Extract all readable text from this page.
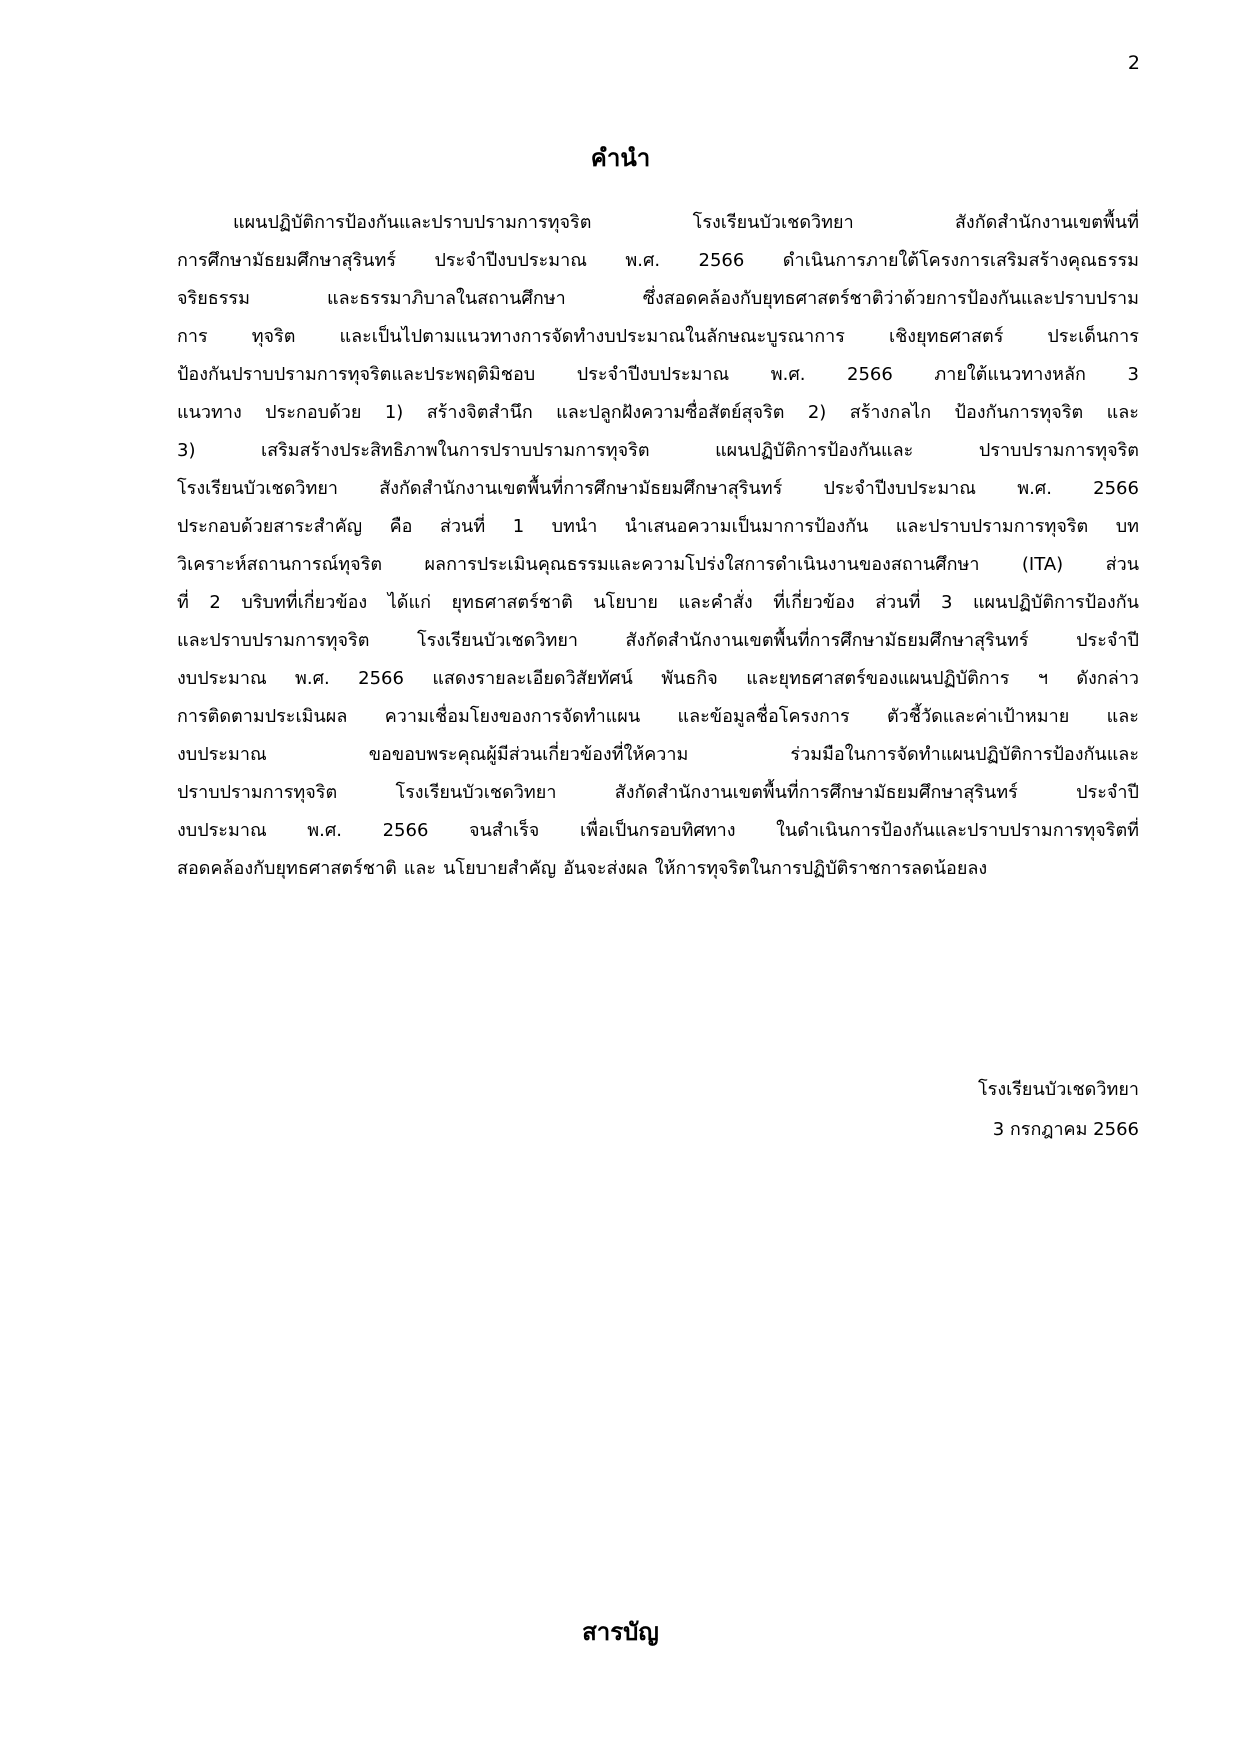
2
คำนำ
แผนปฏิบัติการป้องกันและปราบปรามการทุจริต	โรงเรียนบัวเชดวิทยา	สังกัดสำนักงานเขตพื้นที่
การศึกษามัธยมศึกษาสุรินทร์ ประจำปีงบประมาณ พ.ศ. 2566 ดำเนินการภายใต้โครงการเสริมสร้างคุณธรรม
จริยธรรม	และธรรมาภิบาลในสถานศึกษา	ซึ่งสอดคล้องกับยุทธศาสตร์ชาติว่าด้วยการป้องกันและปราบปราม
การ ทุจริต และเป็นไปตามแนวทางการจัดทำงบประมาณในลักษณะบูรณาการ เชิงยุทธศาสตร์ ประเด็นการ
ป้องกันปราบปรามการทุจริตและประพฤติมิชอบ ประจำปีงบประมาณ พ.ศ. 2566 ภายใต้แนวทางหลัก 3
แนวทาง ประกอบด้วย 1) สร้างจิตสำนึก และปลูกฝังความซื่อสัตย์สุจริต 2) สร้างกลไก ป้องกันการทุจริต และ
3)	เสริมสร้างประสิทธิภาพในการปราบปรามการทุจริต	แผนปฏิบัติการป้องกันและ	ปราบปรามการทุจริต
โรงเรียนบัวเชดวิทยา สังกัดสำนักงานเขตพื้นที่การศึกษามัธยมศึกษาสุรินทร์ ประจำปีงบประมาณ พ.ศ. 2566
ประกอบด้วยสาระสำคัญ คือ ส่วนที่ 1 บทนำ นำเสนอความเป็นมาการป้องกัน และปราบปรามการทุจริต บท
วิเคราะห์สถานการณ์ทุจริต ผลการประเมินคุณธรรมและความโปร่งใสการดำเนินงานของสถานศึกษา (ITA) ส่วน
ที่ 2 บริบทที่เกี่ยวข้อง ได้แก่ ยุทธศาสตร์ชาติ นโยบาย และคำสั่ง ที่เกี่ยวข้อง ส่วนที่ 3 แผนปฏิบัติการป้องกัน
และปราบปรามการทุจริต	โรงเรียนบัวเชดวิทยา	สังกัดสำนักงานเขตพื้นที่การศึกษามัธยมศึกษาสุรินทร์	ประจำปี
งบประมาณ พ.ศ. 2566 แสดงรายละเอียดวิสัยทัศน์ พันธกิจ และยุทธศาสตร์ของแผนปฏิบัติการ ฯ ดังกล่าว
การติดตามประเมินผล ความเชื่อมโยงของการจัดทำแผน และข้อมูลชื่อโครงการ ตัวชี้วัดและค่าเป้าหมาย และ
งบประมาณ	ขอขอบพระคุณผู้มีส่วนเกี่ยวข้องที่ให้ความ	ร่วมมือในการจัดทำแผนปฏิบัติการป้องกันและ
ปราบปรามการทุจริต	โรงเรียนบัวเชดวิทยา	สังกัดสำนักงานเขตพื้นที่การศึกษามัธยมศึกษาสุรินทร์	ประจำปี
งบประมาณ พ.ศ. 2566 จนสำเร็จ เพื่อเป็นกรอบทิศทาง ในดำเนินการป้องกันและปราบปรามการทุจริตที่
สอดคล้องกับยุทธศาสตร์ชาติ และ นโยบายสำคัญ อันจะส่งผล ให้การทุจริตในการปฏิบัติราชการลดน้อยลง
โรงเรียนบัวเชดวิทยา
3 กรกฎาคม 2566
สารบัญ
